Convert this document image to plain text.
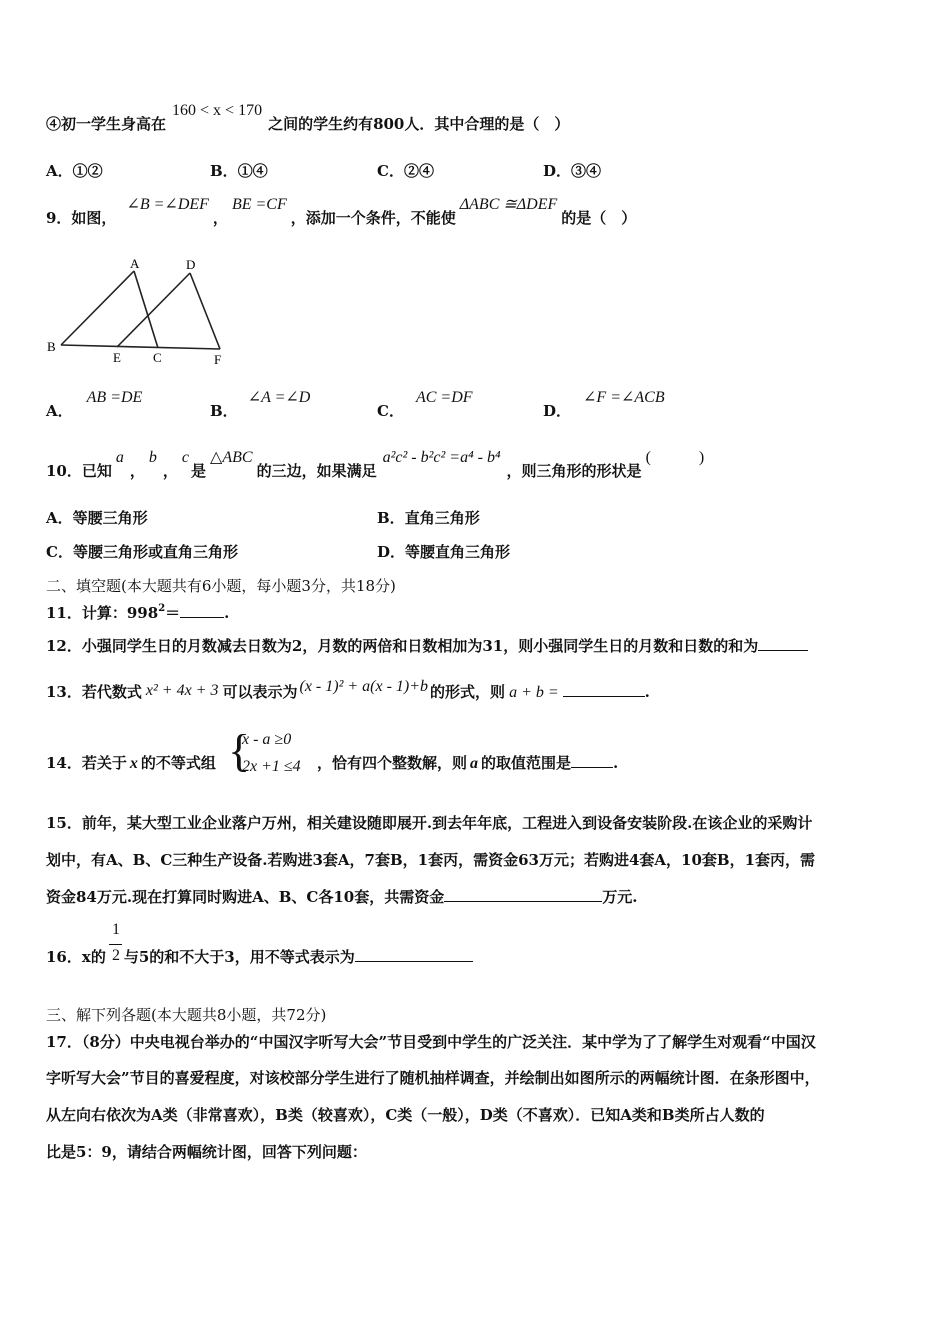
④初一学生身高在160 < x < 170之间的学生约有800人．其中合理的是（　）
A．①②	B．①④	C．②④	D．③④
9．如图，∠B =∠DEF，BE =CF，添加一个条件，不能使ΔABC ≅ΔDEF的是（　）
A	D
B
E C	F
A．AB =DE
B．∠A =∠D
C．AC =DF
D．∠F =∠ACB
10．已知a，b，c是△ABC的三边，如果满足a²c² - b²c² =a⁴ - b⁴，则三角形的形状是(　　　)
A．等腰三角形	B．直角三角形
C．等腰三角形或直角三角形	D．等腰直角三角形
二、填空题(本大题共有6小题，每小题3分，共18分)
11．计算：$998^2=$	.
12．小强同学生日的月数减去日数为2，月数的两倍和日数相加为31，则小强同学生日的月数和日数的和为
13．若代数式 x² + 4x + 3 可以表示为 (x - 1)² + a(x - 1)+b 的形式，则 a + b =	.
14．若关于 x 的不等式组 {
x - a ≥0
2x +1 ≤4 ，恰有四个整数解，则 a 的取值范围是	.
15．前年，某大型工业企业落户万州，相关建设随即展开.到去年年底，工程进入到设备安装阶段.在该企业的采购计
划中，有A、B、C三种生产设备.若购进3套A，7套B，1套丙，需资金63万元；若购进4套A，10套B，1套丙，需
资金84万元.现在打算同时购进A、B、C各10套，共需资金	万元.
16．x的 与5的和不大于3，用不等式表示为
1
2
三、解下列各题(本大题共8小题，共72分)
17．（8分）中央电视台举办的“中国汉字听写大会”节目受到中学生的广泛关注．某中学为了了解学生对观看“中国汉
字听写大会”节目的喜爱程度，对该校部分学生进行了随机抽样调查，并绘制出如图所示的两幅统计图．在条形图中，
从左向右依次为A类（非常喜欢），B类（较喜欢），C类（一般），D类（不喜欢）．已知A类和B类所占人数的
比是5：9，请结合两幅统计图，回答下列问题：
